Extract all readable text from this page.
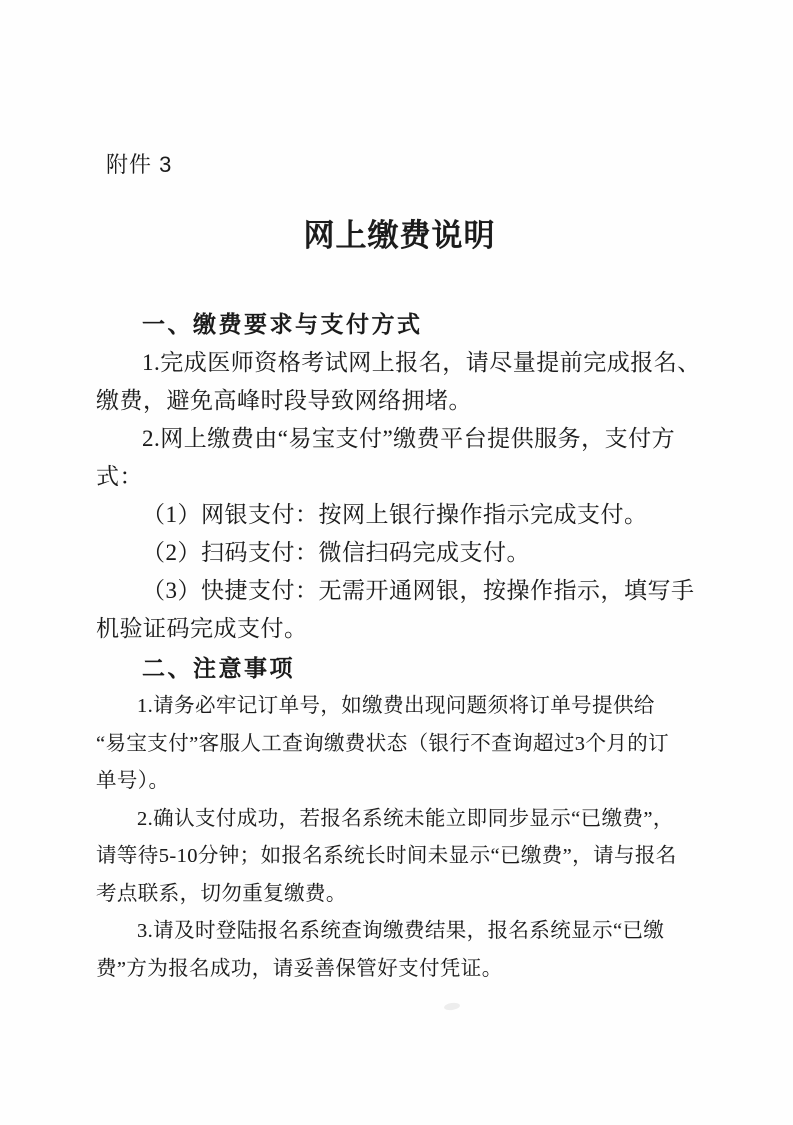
附件 3
网上缴费说明
一、缴费要求与支付方式
1.完成医师资格考试网上报名，请尽量提前完成报名、
缴费，避免高峰时段导致网络拥堵。
2.网上缴费由“易宝支付”缴费平台提供服务，支付方
式：
（1）网银支付：按网上银行操作指示完成支付。
（2）扫码支付：微信扫码完成支付。
（3）快捷支付：无需开通网银，按操作指示，填写手
机验证码完成支付。
二、注意事项
1.请务必牢记订单号，如缴费出现问题须将订单号提供给
“易宝支付”客服人工查询缴费状态（银行不查询超过3个月的订
单号）。
2.确认支付成功，若报名系统未能立即同步显示“已缴费”，
请等待5-10分钟；如报名系统长时间未显示“已缴费”，请与报名
考点联系，切勿重复缴费。
3.请及时登陆报名系统查询缴费结果，报名系统显示“已缴
费”方为报名成功，请妥善保管好支付凭证。
